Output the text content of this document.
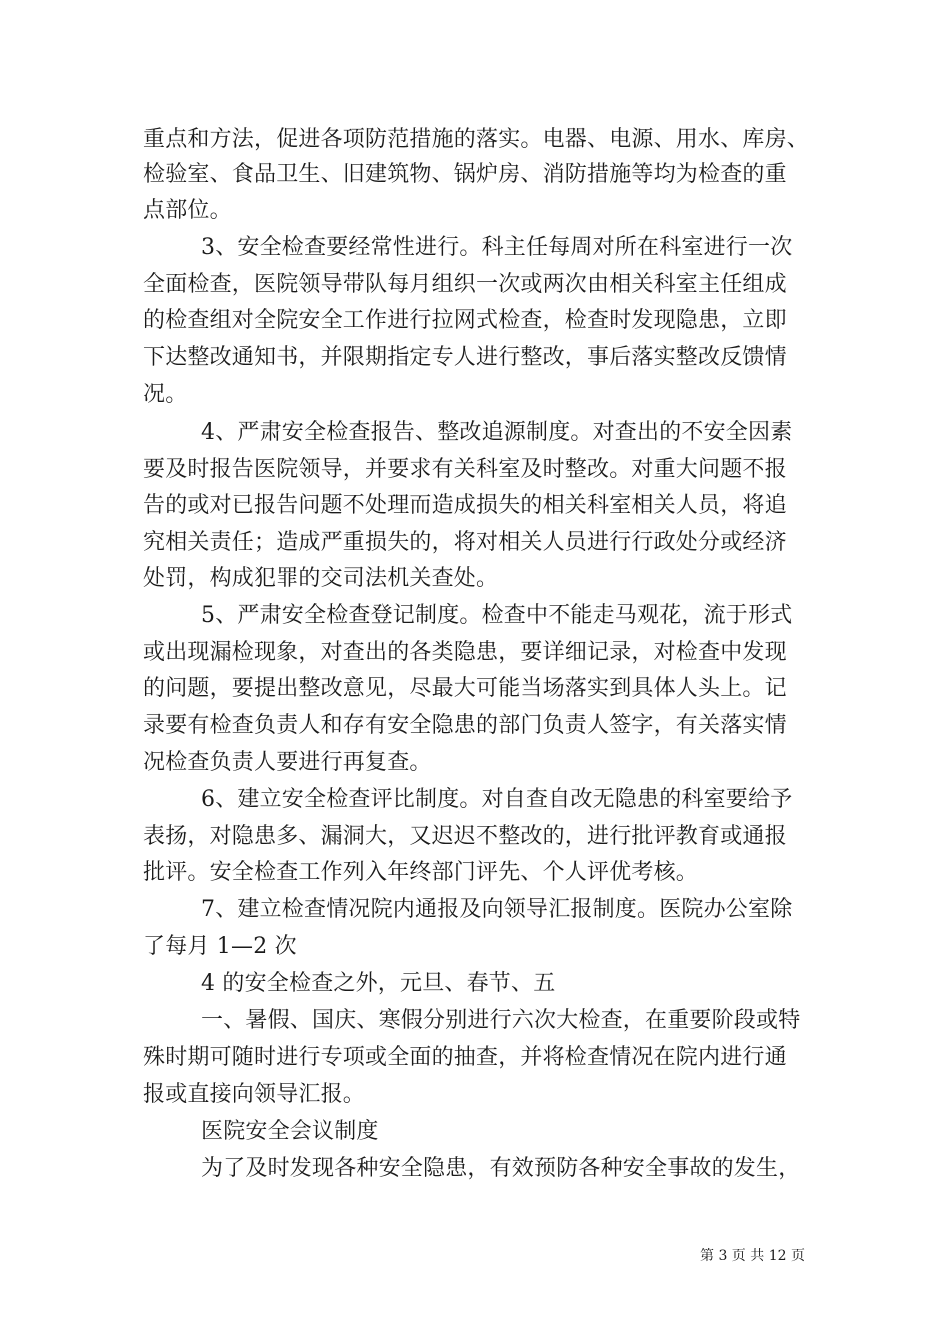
重点和方法，促进各项防范措施的落实。电器、电源、用水、库房、
检验室、食品卫生、旧建筑物、锅炉房、消防措施等均为检查的重
点部位。
3、安全检查要经常性进行。科主任每周对所在科室进行一次
全面检查，医院领导带队每月组织一次或两次由相关科室主任组成
的检查组对全院安全工作进行拉网式检查，检查时发现隐患，立即
下达整改通知书，并限期指定专人进行整改，事后落实整改反馈情
况。
4、严肃安全检查报告、整改追源制度。对查出的不安全因素
要及时报告医院领导，并要求有关科室及时整改。对重大问题不报
告的或对已报告问题不处理而造成损失的相关科室相关人员，将追
究相关责任；造成严重损失的，将对相关人员进行行政处分或经济
处罚，构成犯罪的交司法机关查处。
5、严肃安全检查登记制度。检查中不能走马观花，流于形式
或出现漏检现象，对查出的各类隐患，要详细记录，对检查中发现
的问题，要提出整改意见，尽最大可能当场落实到具体人头上。记
录要有检查负责人和存有安全隐患的部门负责人签字，有关落实情
况检查负责人要进行再复查。
6、建立安全检查评比制度。对自查自改无隐患的科室要给予
表扬，对隐患多、漏洞大，又迟迟不整改的，进行批评教育或通报
批评。安全检查工作列入年终部门评先、个人评优考核。
7、建立检查情况院内通报及向领导汇报制度。医院办公室除
了每月 1—2 次
4 的安全检查之外，元旦、春节、五
一、暑假、国庆、寒假分别进行六次大检查，在重要阶段或特
殊时期可随时进行专项或全面的抽查，并将检查情况在院内进行通
报或直接向领导汇报。
医院安全会议制度
为了及时发现各种安全隐患，有效预防各种安全事故的发生，
第 3 页 共 12 页
